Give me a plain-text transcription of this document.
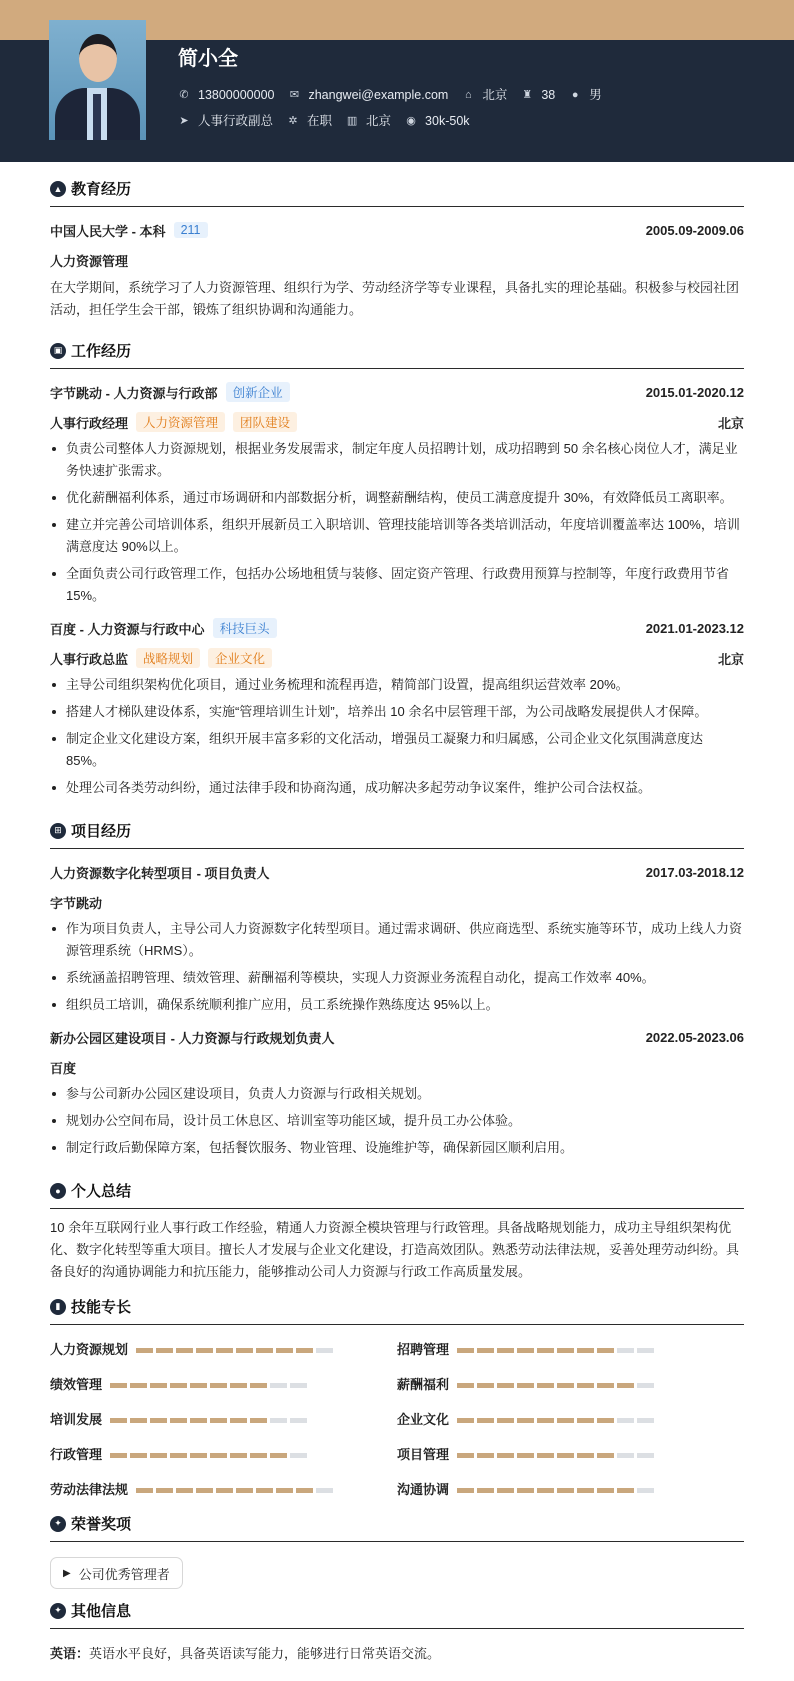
简小全
✆ 13800000000 ✉ zhangwei@example.com ⌂ 北京 ♜ 38 ● 男
➤ 人事行政副总 ✲ 在职 ▥ 北京 ◉ 30k-50k
▲ 教育经历
中国人民大学 - 本科	211	2005.09-2009.06
人力资源管理
在大学期间，系统学习了人力资源管理、组织行为学、劳动经济学等专业课程，具备扎实的理论基础。积极参与校园社团活动，担任学生会干部，锻炼了组织协调和沟通能力。
▣ 工作经历
字节跳动 - 人力资源与行政部	创新企业	2015.01-2020.12
人事行政经理	人力资源管理	团队建设	北京
负责公司整体人力资源规划，根据业务发展需求，制定年度人员招聘计划，成功招聘到 50 余名核心岗位人才，满足业务快速扩张需求。
优化薪酬福利体系，通过市场调研和内部数据分析，调整薪酬结构，使员工满意度提升 30%，有效降低员工离职率。
建立并完善公司培训体系，组织开展新员工入职培训、管理技能培训等各类培训活动，年度培训覆盖率达 100%，培训满意度达 90%以上。
全面负责公司行政管理工作，包括办公场地租赁与装修、固定资产管理、行政费用预算与控制等，年度行政费用节省 15%。
百度 - 人力资源与行政中心	科技巨头	2021.01-2023.12
人事行政总监	战略规划	企业文化	北京
主导公司组织架构优化项目，通过业务梳理和流程再造，精简部门设置，提高组织运营效率 20%。
搭建人才梯队建设体系，实施“管理培训生计划”，培养出 10 余名中层管理干部，为公司战略发展提供人才保障。
制定企业文化建设方案，组织开展丰富多彩的文化活动，增强员工凝聚力和归属感，公司企业文化氛围满意度达 85%。
处理公司各类劳动纠纷，通过法律手段和协商沟通，成功解决多起劳动争议案件，维护公司合法权益。
⊞ 项目经历
人力资源数字化转型项目 - 项目负责人	2017.03-2018.12
字节跳动
作为项目负责人，主导公司人力资源数字化转型项目。通过需求调研、供应商选型、系统实施等环节，成功上线人力资源管理系统（HRMS）。
系统涵盖招聘管理、绩效管理、薪酬福利等模块，实现人力资源业务流程自动化，提高工作效率 40%。
组织员工培训，确保系统顺利推广应用，员工系统操作熟练度达 95%以上。
新办公园区建设项目 - 人力资源与行政规划负责人	2022.05-2023.06
百度
参与公司新办公园区建设项目，负责人力资源与行政相关规划。
规划办公空间布局，设计员工休息区、培训室等功能区域，提升员工办公体验。
制定行政后勤保障方案，包括餐饮服务、物业管理、设施维护等，确保新园区顺利启用。
● 个人总结
10 余年互联网行业人事行政工作经验，精通人力资源全模块管理与行政管理。具备战略规划能力，成功主导组织架构优化、数字化转型等重大项目。擅长人才发展与企业文化建设，打造高效团队。熟悉劳动法律法规，妥善处理劳动纠纷。具备良好的沟通协调能力和抗压能力，能够推动公司人力资源与行政工作高质量发展。
▮ 技能专长
人力资源规划	招聘管理
绩效管理	薪酬福利
培训发展	企业文化
行政管理	项目管理
劳动法律法规	沟通协调
✦ 荣誉奖项
▶ 公司优秀管理者
✦ 其他信息
英语：英语水平良好，具备英语读写能力，能够进行日常英语交流。
